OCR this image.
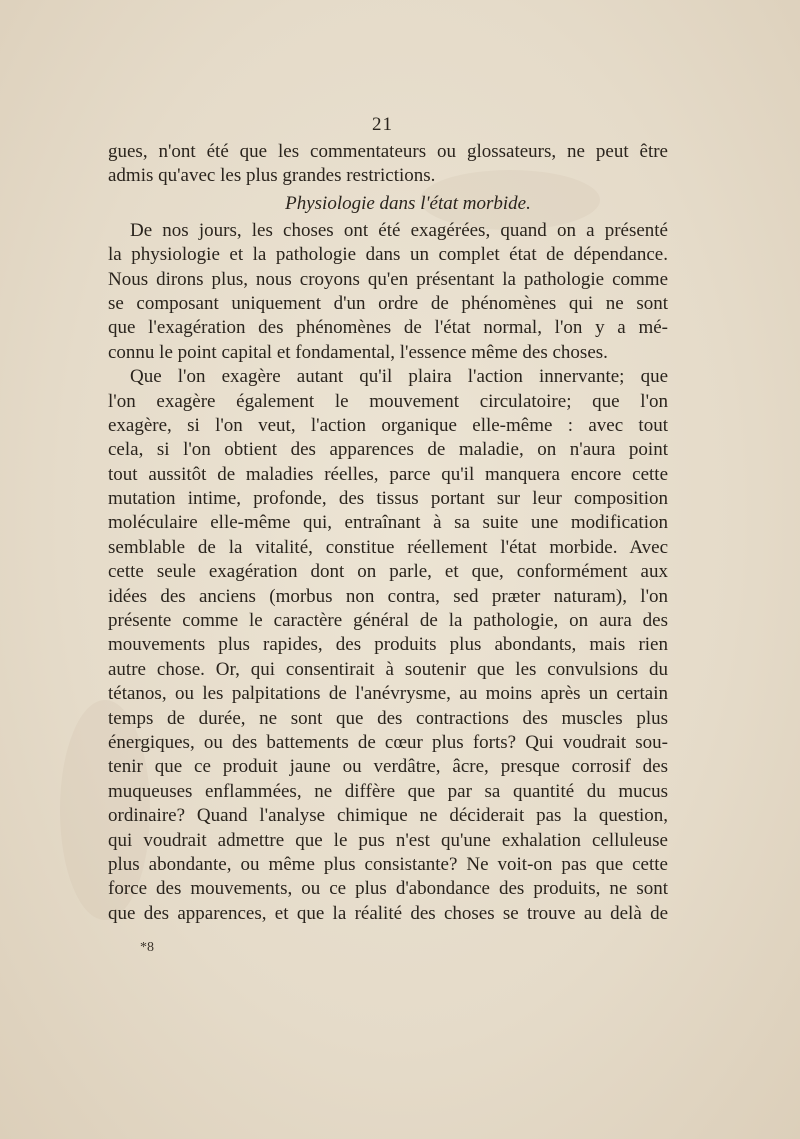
21
gues, n'ont été que les commentateurs ou glossateurs, ne peut être
admis qu'avec les plus grandes restrictions.
Physiologie dans l'état morbide.
De nos jours, les choses ont été exagérées, quand on a présenté
la physiologie et la pathologie dans un complet état de dépendance.
Nous dirons plus, nous croyons qu'en présentant la pathologie comme
se composant uniquement d'un ordre de phénomènes qui ne sont
que l'exagération des phénomènes de l'état normal, l'on y a mé-
connu le point capital et fondamental, l'essence même des choses.
Que l'on exagère autant qu'il plaira l'action innervante; que
l'on exagère également le mouvement circulatoire; que l'on
exagère, si l'on veut, l'action organique elle-même : avec tout
cela, si l'on obtient des apparences de maladie, on n'aura point
tout aussitôt de maladies réelles, parce qu'il manquera encore cette
mutation intime, profonde, des tissus portant sur leur composition
moléculaire elle-même qui, entraînant à sa suite une modification
semblable de la vitalité, constitue réellement l'état morbide. Avec
cette seule exagération dont on parle, et que, conformément aux
idées des anciens (morbus non contra, sed præter naturam), l'on
présente comme le caractère général de la pathologie, on aura des
mouvements plus rapides, des produits plus abondants, mais rien
autre chose. Or, qui consentirait à soutenir que les convulsions du
tétanos, ou les palpitations de l'anévrysme, au moins après un certain
temps de durée, ne sont que des contractions des muscles plus
énergiques, ou des battements de cœur plus forts? Qui voudrait sou-
tenir que ce produit jaune ou verdâtre, âcre, presque corrosif des
muqueuses enflammées, ne diffère que par sa quantité du mucus
ordinaire? Quand l'analyse chimique ne déciderait pas la question,
qui voudrait admettre que le pus n'est qu'une exhalation celluleuse
plus abondante, ou même plus consistante? Ne voit-on pas que cette
force des mouvements, ou ce plus d'abondance des produits, ne sont
que des apparences, et que la réalité des choses se trouve au delà de
*8
